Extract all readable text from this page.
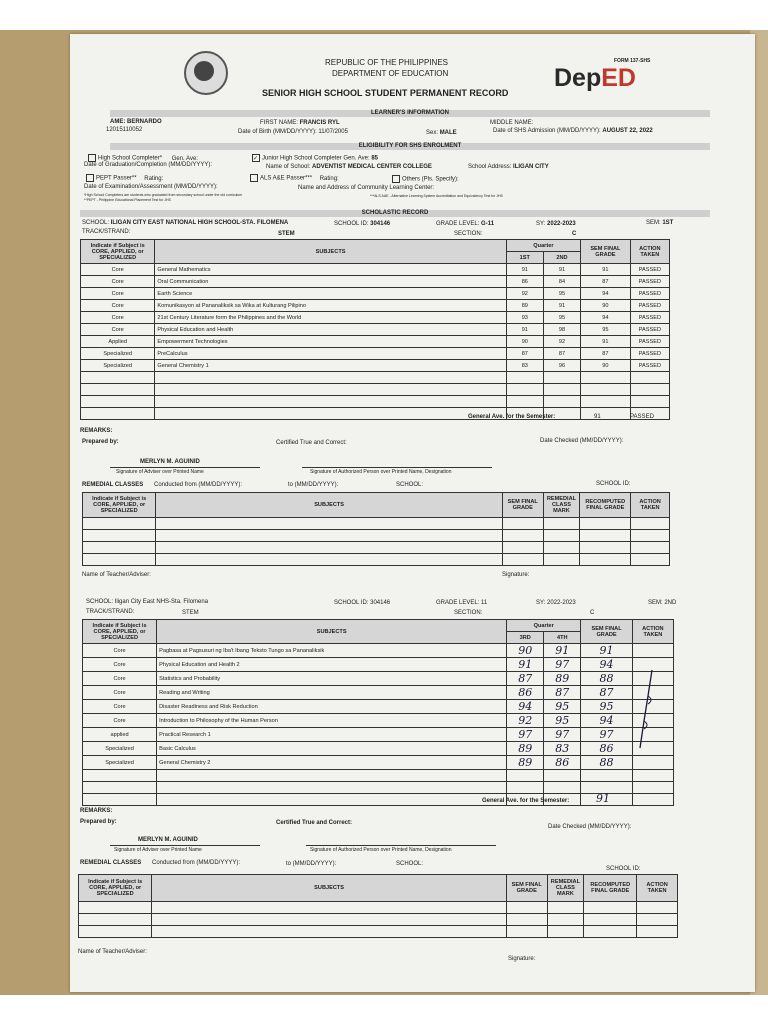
REPUBLIC OF THE PHILIPPINES
DEPARTMENT OF EDUCATION
FORM 137-SHS
DepED
SENIOR HIGH SCHOOL STUDENT PERMANENT RECORD
LEARNER'S INFORMATION
AME: BERNARDO
12015110052
FIRST NAME: FRANCIS RYL	MIDDLE NAME:
Date of Birth (MM/DD/YYYY): 11/07/2005	Sex: MALE	Date of SHS Admission (MM/DD/YYYY): AUGUST 22, 2022
ELIGIBILITY FOR SHS ENROLMENT
High School Completer* Gen. Ave:	✓ Junior High School Completer Gen. Ave: 85
Date of Graduation/Completion (MM/DD/YYYY):	Name of School: ADVENTIST MEDICAL CENTER COLLEGE	School Address: ILIGAN CITY
PEPT Passer** Rating:	ALS A&E Passer*** Rating:	Others (Pls. Specify):
Date of Examination/Assessment (MM/DD/YYYY):	Name and Address of Community Learning Center:
*High School Completers are students who graduated from secondary school under the old curriculum
**PEPT - Philippine Educational Placement Test for JHS
***ALS A&E - Alternative Learning System Accreditation and Equivalency Test for JHS
SCHOLASTIC RECORD
SCHOOL: ILIGAN CITY EAST NATIONAL HIGH SCHOOL-STA. FILOMENA	SCHOOL ID: 304146	GRADE LEVEL: G-11	SY: 2022-2023	SEM: 1ST
TRACK/STRAND:	STEM	SECTION:	C
Indicate if Subject is CORE, APPLIED, or SPECIALIZED	SUBJECTS	Quarter		SEM FINAL GRADE	ACTION TAKEN
		1ST	2ND		
Core	General Mathematics	91	91	91	PASSED
Core	Oral Communication	86	84	87	PASSED
Core	Earth Science	92	95	94	PASSED
Core	Komunikasyon at Pananaliksik sa Wika at Kulturang Pilipino	89	91	90	PASSED
Core	21st Century Literature form the Philippines and the World	93	95	94	PASSED
Core	Physical Education and Health	91	98	95	PASSED
Applied	Empowerment Technologies	90	92	91	PASSED
Specialized	PreCalculus	87	87	87	PASSED
Specialized	General Chemistry 1	83	96	90	PASSED

General Ave. for the Semester:	91	PASSED
REMARKS:
Prepared by:	Certified True and Correct:	Date Checked (MM/DD/YYYY):
MERLYN M. AGUINID
Signature of Adviser over Printed Name	Signature of Authorized Person over Printed Name, Designation
REMEDIAL CLASSES Conducted from (MM/DD/YYYY):	to (MM/DD/YYYY):	SCHOOL:	SCHOOL ID:
Indicate if Subject is CORE, APPLIED, or SPECIALIZED	SUBJECTS	SEM FINAL GRADE	REMEDIAL CLASS MARK	RECOMPUTED FINAL GRADE	ACTION TAKEN

Name of Teacher/Adviser:	Signature:
SCHOOL: Iligan City East NHS-Sta. Filomena	SCHOOL ID: 304146	GRADE LEVEL: 11	SY: 2022-2023	SEM: 2ND
TRACK/STRAND:	STEM	SECTION:	C
Indicate if Subject is CORE, APPLIED, or SPECIALIZED	SUBJECTS	Quarter		SEM FINAL GRADE	ACTION TAKEN
		3RD	4TH		
Core	Pagbasa at Pagsusuri ng Iba't Ibang Teksto Tungo sa Pananaliksik	90	91	91	
Core	Physical Education and Health 2	91	97	94	
Core	Statistics and Probability	87	89	88	
Core	Reading and Writing	86	87	87	
Core	Disaster Readiness and Risk Reduction	94	95	95	
Core	Introduction to Philosophy of the Human Person	92	95	94	
applied	Practical Research 1	97	97	97	
Specialized	Basic Calculus	89	83	86	
Specialized	General Chemistry 2	89	86	88	

General Ave. for the Semester: 91
REMARKS:
Prepared by:	Certified True and Correct:
Date Checked (MM/DD/YYYY):
MERLYN M. AGUINID
Signature of Adviser over Printed Name	Signature of Authorized Person over Printed Name, Designation
REMEDIAL CLASSES Conducted from (MM/DD/YYYY):	to (MM/DD/YYYY):	SCHOOL:
SCHOOL ID:
Indicate if Subject is CORE, APPLIED, or SPECIALIZED	SUBJECTS	SEM FINAL GRADE	REMEDIAL CLASS MARK	RECOMPUTED FINAL GRADE	ACTION TAKEN

Name of Teacher/Adviser:
Signature:
